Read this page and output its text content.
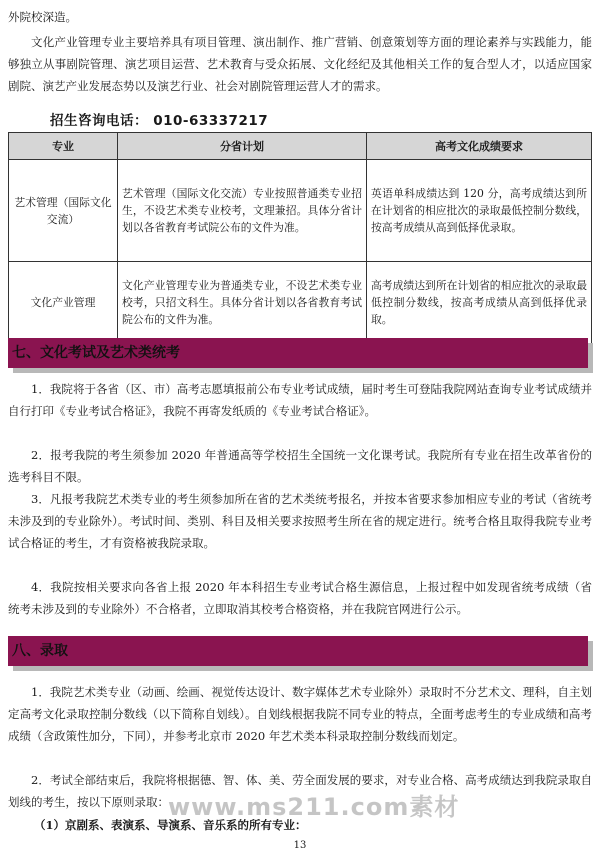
外院校深造。

文化产业管理专业主要培养具有项目管理、演出制作、推广营销、创意策划等方面的理论素养与实践能力，能够独立从事剧院管理、演艺项目运营、艺术教育与受众拓展、文化经纪及其他相关工作的复合型人才，以适应国家剧院、演艺产业发展态势以及演艺行业、社会对剧院管理运营人才的需求。

招生咨询电话： 010-63337217
专业	分省计划	高考文化成绩要求
艺术管理（国际文化交流）	艺术管理（国际文化交流）专业按照普通类专业招生，不设艺术类专业校考，文理兼招。具体分省计划以各省教育考试院公布的文件为准。	英语单科成绩达到 120 分，高考成绩达到所在计划省的相应批次的录取最低控制分数线，按高考成绩从高到低择优录取。
文化产业管理	文化产业管理专业为普通类专业，不设艺术类专业校考，只招文科生。具体分省计划以各省教育考试院公布的文件为准。	高考成绩达到所在计划省的相应批次的录取最低控制分数线，按高考成绩从高到低择优录取。
七、文化考试及艺术类统考

1．我院将于各省（区、市）高考志愿填报前公布专业考试成绩，届时考生可登陆我院网站查询专业考试成绩并自行打印《专业考试合格证》，我院不再寄发纸质的《专业考试合格证》。

2．报考我院的考生须参加 2020 年普通高等学校招生全国统一文化课考试。我院所有专业在招生改革省份的选考科目不限。

3．凡报考我院艺术类专业的考生须参加所在省的艺术类统考报名，并按本省要求参加相应专业的考试（省统考未涉及到的专业除外）。考试时间、类别、科目及相关要求按照考生所在省的规定进行。统考合格且取得我院专业考试合格证的考生，才有资格被我院录取。

4．我院按相关要求向各省上报 2020 年本科招生专业考试合格生源信息，上报过程中如发现省统考成绩（省统考未涉及到的专业除外）不合格者，立即取消其校考合格资格，并在我院官网进行公示。

八、录取

1．我院艺术类专业（动画、绘画、视觉传达设计、数字媒体艺术专业除外）录取时不分艺术文、理科，自主划定高考文化录取控制分数线（以下简称自划线）。自划线根据我院不同专业的特点，全面考虑考生的专业成绩和高考成绩（含政策性加分，下同），并参考北京市 2020 年艺术类本科录取控制分数线而划定。

2．考试全部结束后，我院将根据德、智、体、美、劳全面发展的要求，对专业合格、高考成绩达到我院录取自划线的考生，按以下原则录取： www.ms211.com素材

（1）京剧系、表演系、导演系、音乐系的所有专业：

13
